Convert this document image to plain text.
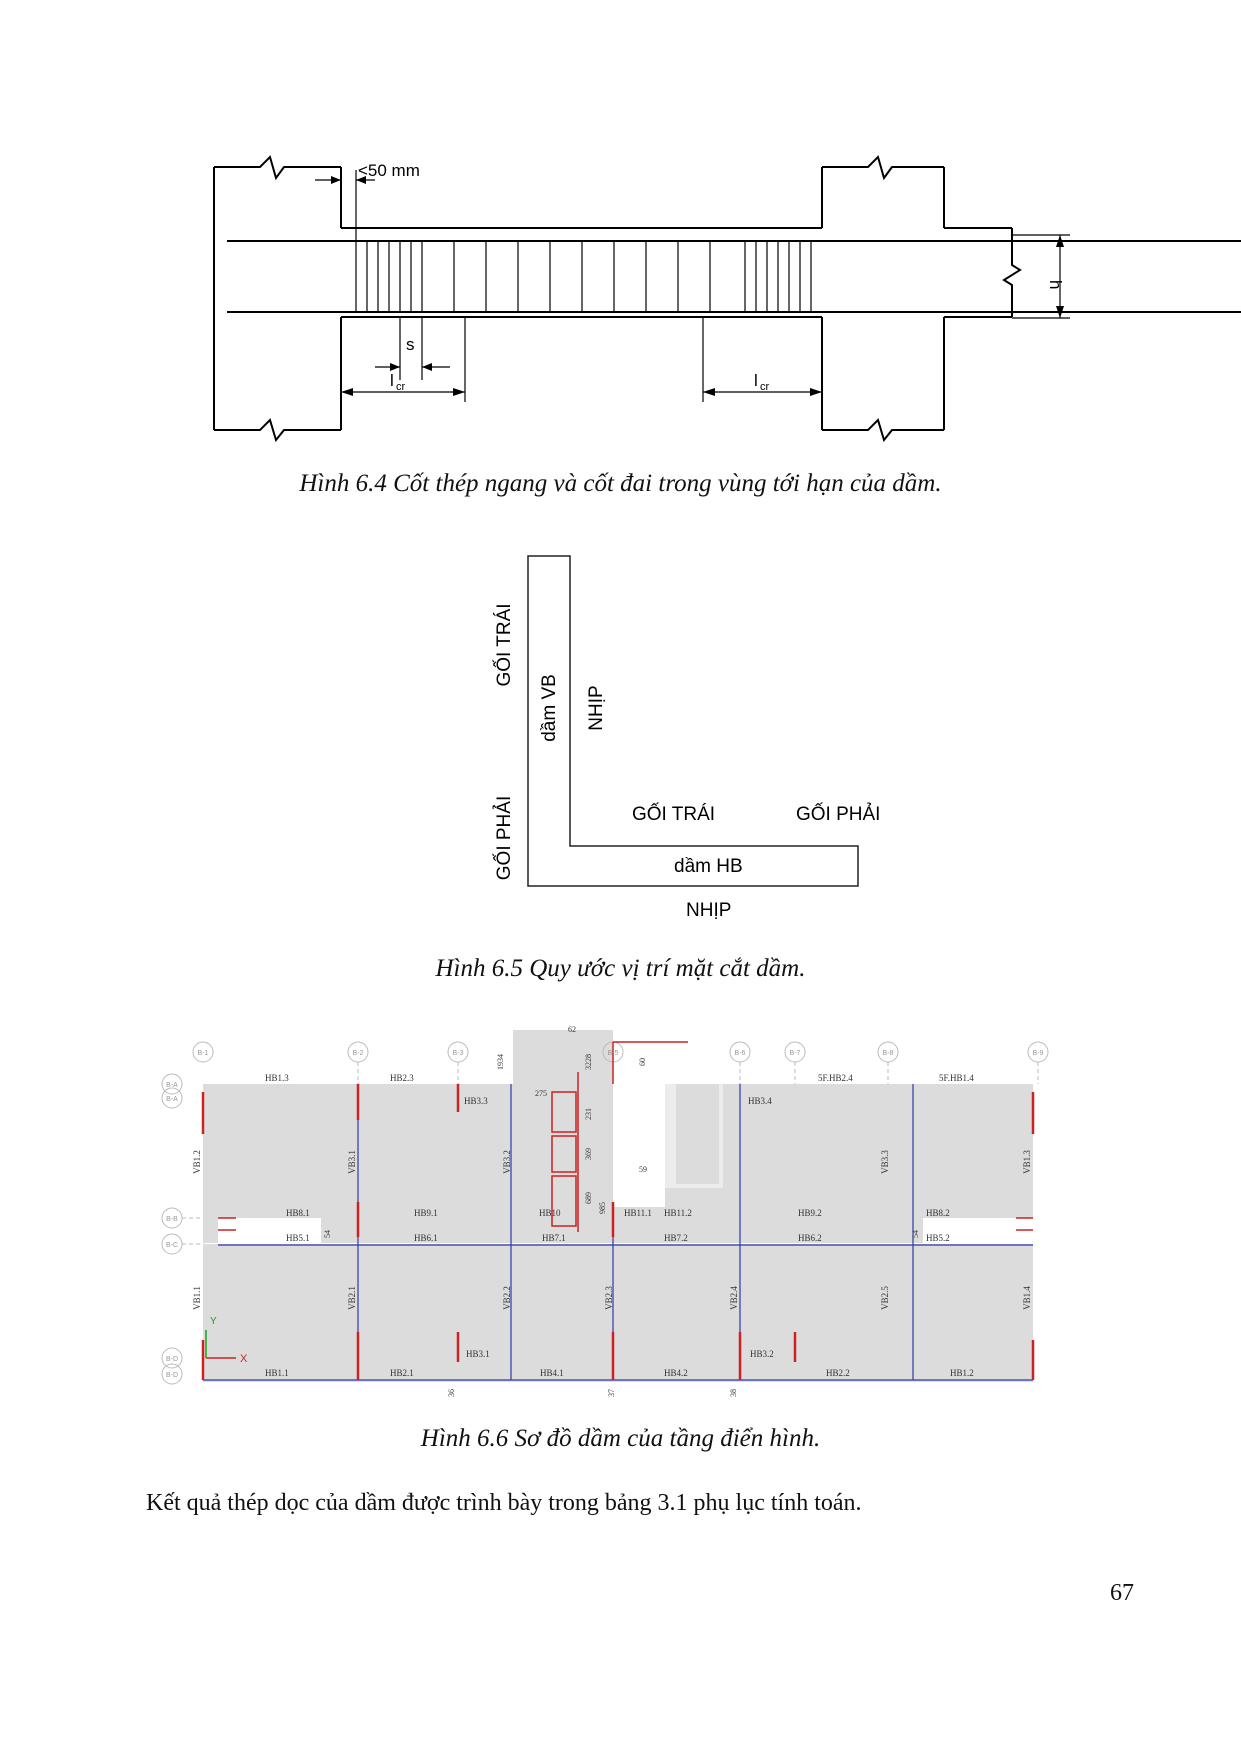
<50 mm
s
l cr	l cr
h
Hình 6.4 Cốt thép ngang và cốt đai trong vùng tới hạn của dầm.
GỐI TRÁI
GỐI PHẢI
dầm VB NHỊP
GỐI TRÁI	GỐI PHẢI
dầm HB
NHỊP
Hình 6.5 Quy ước vị trí mặt cắt dầm.
Y
X
B-1	B-2	B-3	B-5	B-6	B-7	B-8	B-9
B-A
B-A
B-B
B-C
B-D
B-D
HB1.3	HB2.3
HB3.3	HB3.4
5F.HB2.4	5F.HB1.4
HB8.1	HB9.1	HB10	HB11.1 HB11.2	HB9.2	HB8.2
HB5.1	HB6.1	HB7.1	HB7.2	HB6.2	HB5.2
HB3.1	HB3.2
HB1.1	HB2.1	HB4.1	HB4.2	HB2.2	HB1.2
VB1.2	VB3.1	VB3.2	VB3.3	VB1.3
VB1.1	VB2.1	VB2.2	VB2.3	VB2.4	VB2.5	VB1.4
62
1934	3228	60
275
231
369
689
59
985
54	54
36	37	38
Hình 6.6 Sơ đồ dầm của tầng điển hình.
Kết quả thép dọc của dầm được trình bày trong bảng 3.1 phụ lục tính toán.
67
